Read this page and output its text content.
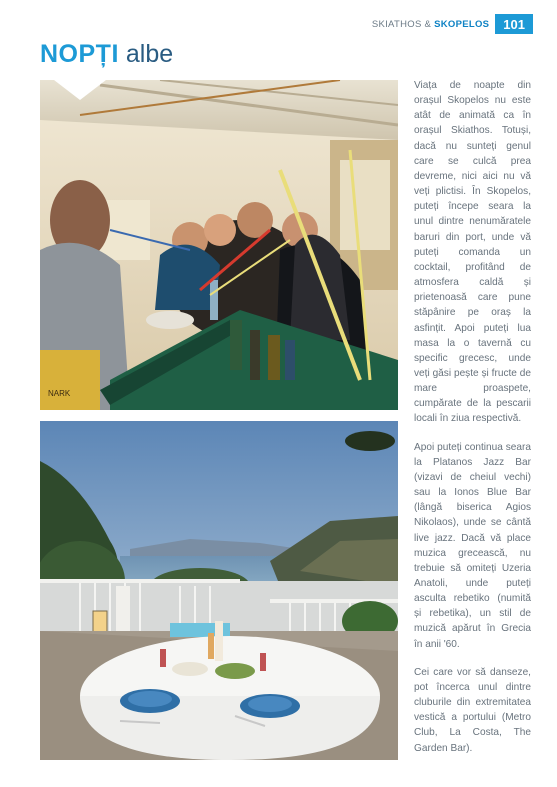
SKIATHOS & SKOPELOS	101
NOPȚI albe
NARK

Viața de noapte din orașul Skopelos nu este atât de animată ca în orașul Skiathos. Totuși, dacă nu sunteți genul care se culcă prea devreme, nici aici nu vă veți plictisi. În Skopelos, puteți începe seara la unul dintre nenumăratele baruri din port, unde vă puteți comanda un cocktail, profitând de atmosfera caldă și prietenoasă care pune stăpânire pe oraș la asfințit. Apoi puteți lua masa la o tavernă cu specific grecesc, unde veți găsi pește și fructe de mare proaspete, cumpărate de la pescarii locali în ziua respectivă.

Apoi puteți continua seara la Platanos Jazz Bar (vizavi de cheiul vechi) sau la Ionos Blue Bar (lângă biserica Agios Nikolaos), unde se cântă live jazz. Dacă vă place muzica grecească, nu trebuie să omiteți Uzeria Anatoli, unde puteți asculta rebetiko (numită și rebetika), un stil de muzică apărut în Grecia în anii '60.

Cei care vor să danseze, pot încerca unul dintre cluburile din extremitatea vestică a portului (Metro Club, La Costa, The Garden Bar).
